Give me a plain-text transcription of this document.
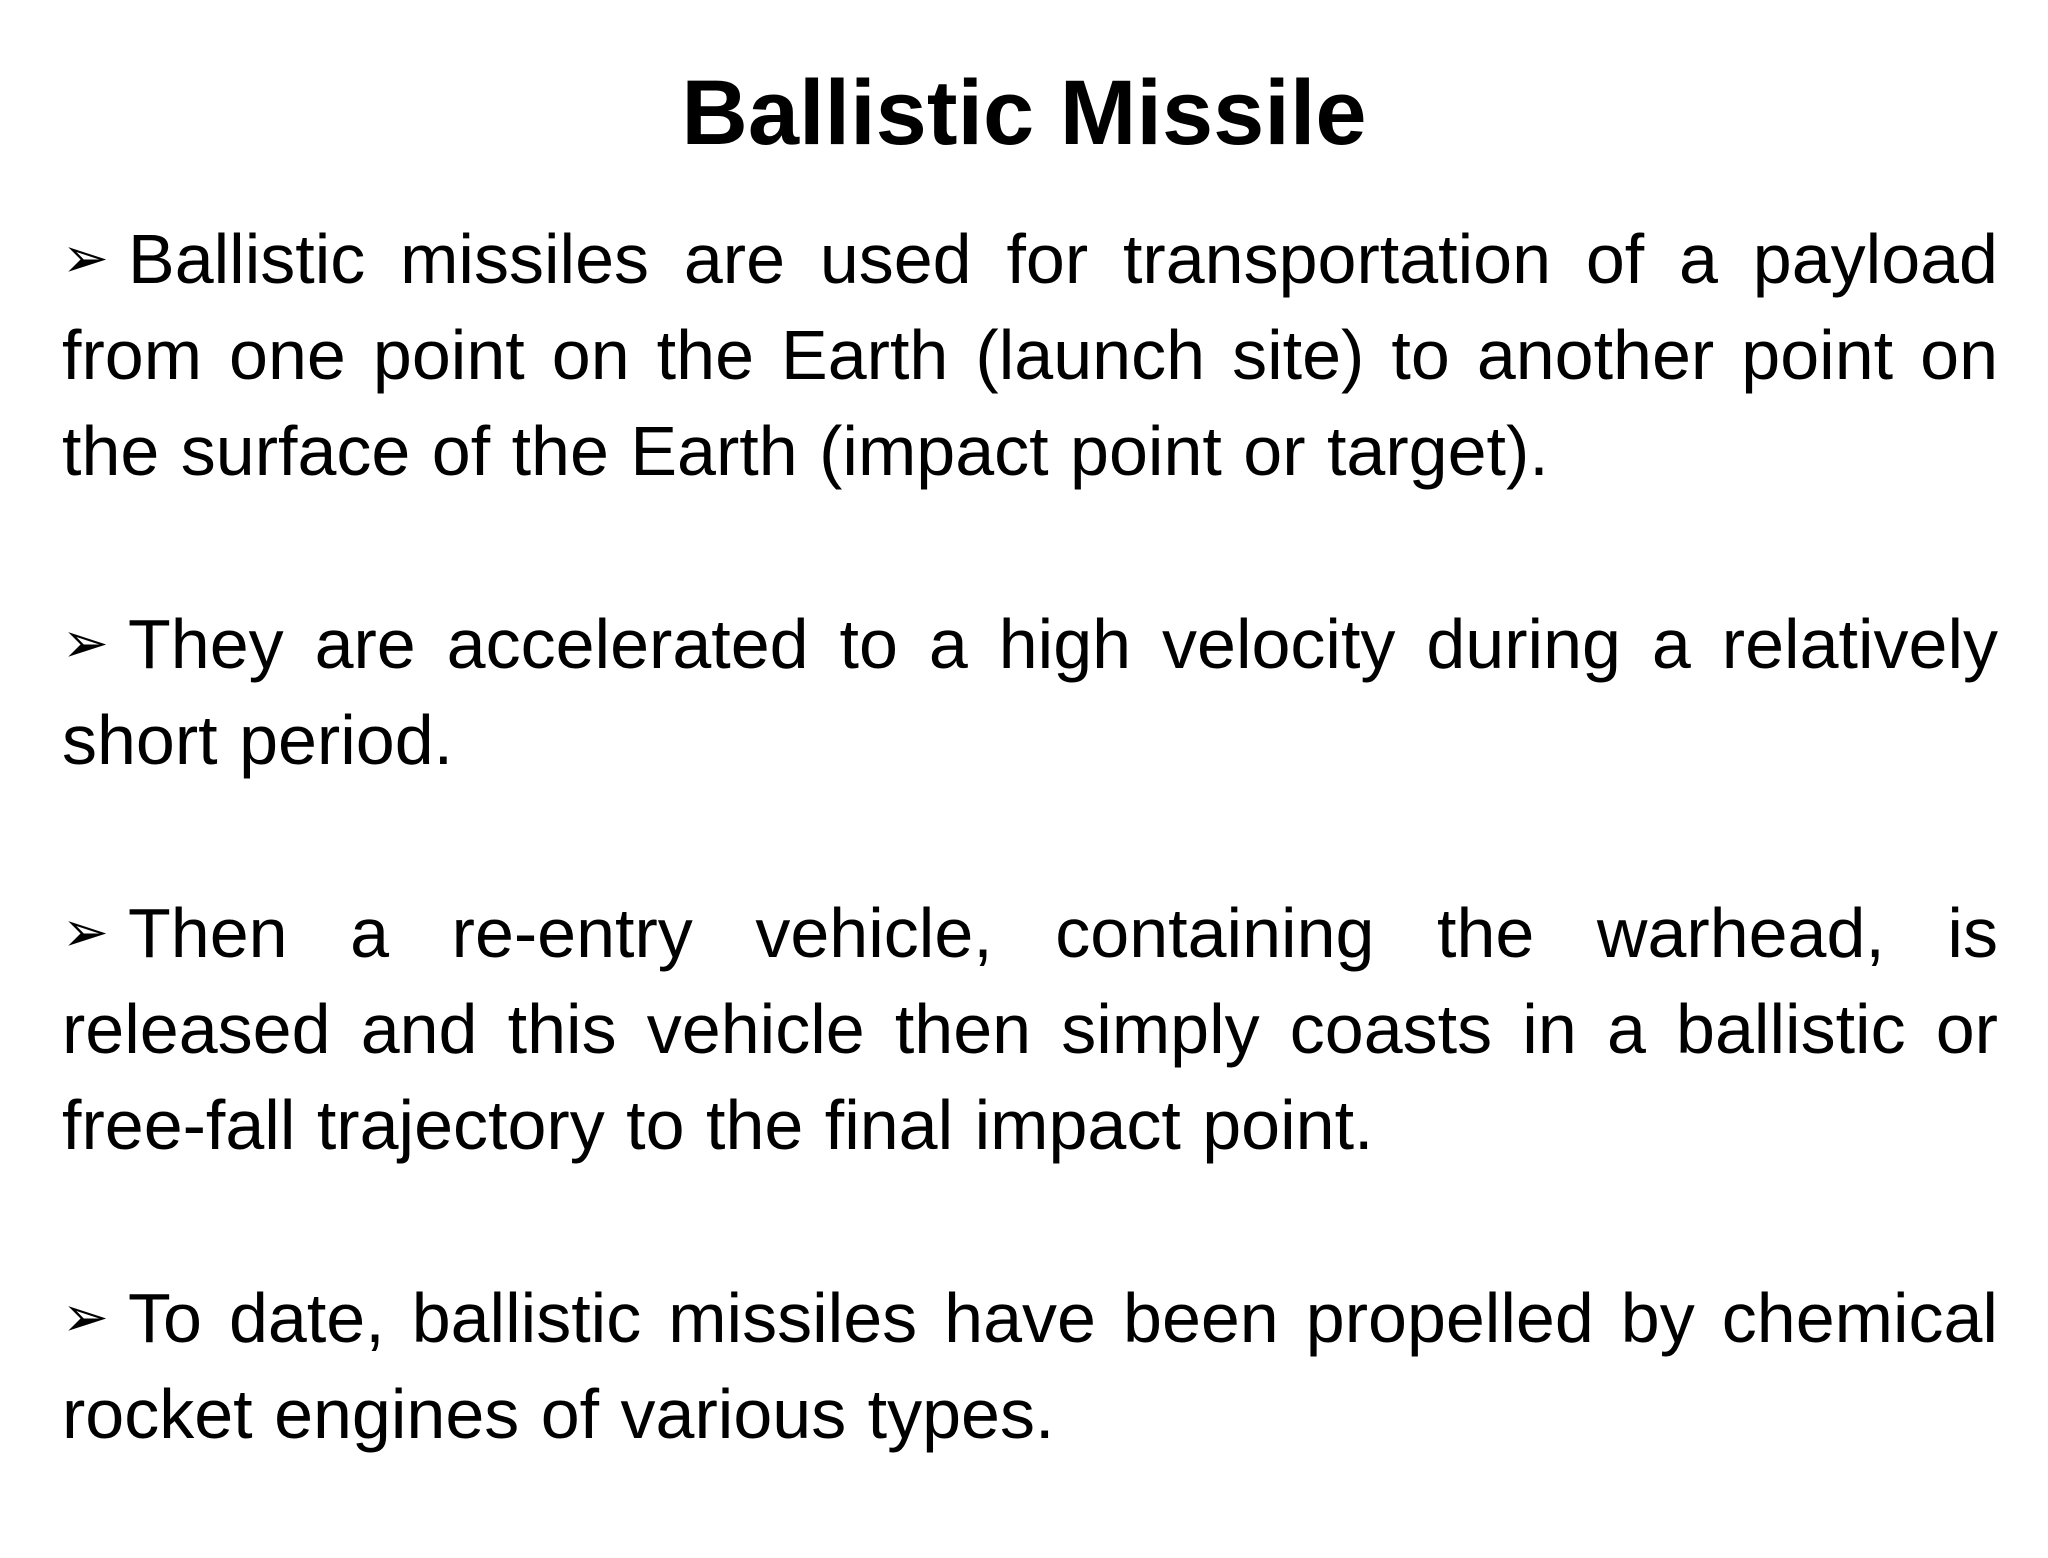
Ballistic Missile
➢ Ballistic missiles are used for transportation of a payload from one point on the Earth (launch site) to another point on the surface of the Earth (impact point or target).
➢ They are accelerated to a high velocity during a relatively short period.
➢ Then a re-entry vehicle, containing the warhead, is released and this vehicle then simply coasts in a ballistic or free-fall trajectory to the final impact point.
➢ To date, ballistic missiles have been propelled by chemical rocket engines of various types.
